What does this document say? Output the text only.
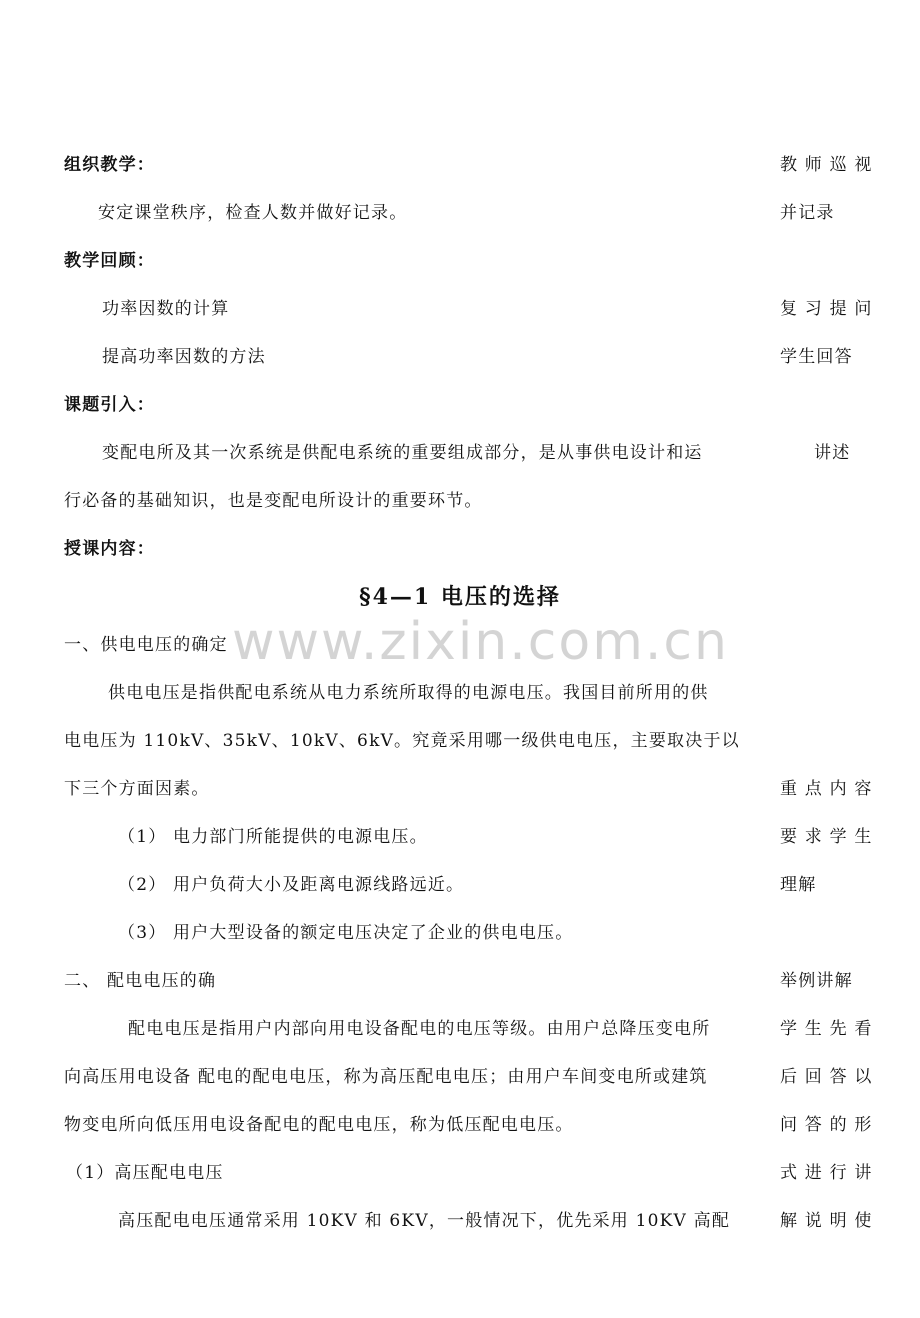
www.zixin.com.cn
组织教学：	教 师 巡 视
安定课堂秩序，检查人数并做好记录。	并记录
教学回顾：
功率因数的计算	复 习 提 问
提高功率因数的方法	学生回答
课题引入：
变配电所及其一次系统是供配电系统的重要组成部分，是从事供电设计和运	讲述
行必备的基础知识，也是变配电所设计的重要环节。
授课内容：
§4—1 电压的选择
一、供电电压的确定
供电电压是指供配电系统从电力系统所取得的电源电压。我国目前所用的供
电电压为 110kV、35kV、10kV、6kV。究竟采用哪一级供电电压，主要取决于以
下三个方面因素。	重 点 内 容
（1） 电力部门所能提供的电源电压。	要 求 学 生
（2） 用户负荷大小及距离电源线路远近。	理解
（3） 用户大型设备的额定电压决定了企业的供电电压。
二、 配电电压的确	举例讲解
配电电压是指用户内部向用电设备配电的电压等级。由用户总降压变电所	学 生 先 看
向高压用电设备 配电的配电电压，称为高压配电电压；由用户车间变电所或建筑	后 回 答 以
物变电所向低压用电设备配电的配电电压，称为低压配电电压。	问 答 的 形
（1）高压配电电压	式 进 行 讲
高压配电电压通常采用 10KV 和 6KV，一般情况下，优先采用 10KV 高配	解 说 明 使
